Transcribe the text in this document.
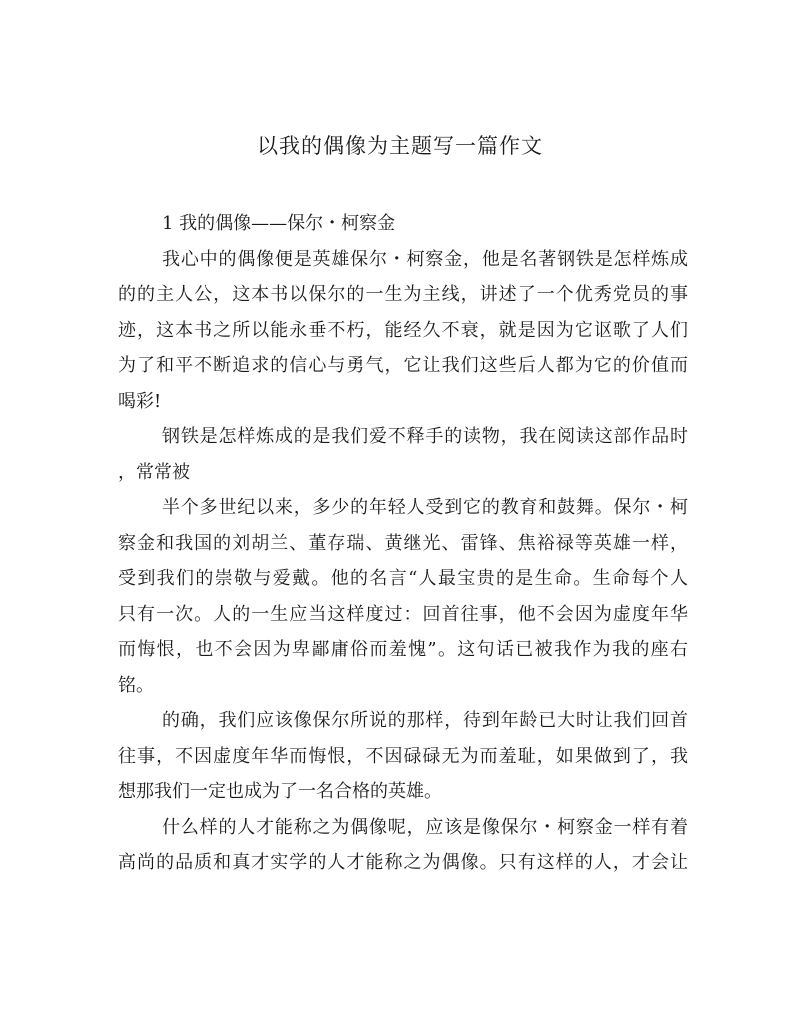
以我的偶像为主题写一篇作文
1 我的偶像——保尔・柯察金
我心中的偶像便是英雄保尔・柯察金，他是名著钢铁是怎样炼成
的的主人公，这本书以保尔的一生为主线，讲述了一个优秀党员的事
迹，这本书之所以能永垂不朽，能经久不衰，就是因为它讴歌了人们
为了和平不断追求的信心与勇气，它让我们这些后人都为它的价值而
喝彩!
钢铁是怎样炼成的是我们爱不释手的读物，我在阅读这部作品时
，常常被
半个多世纪以来，多少的年轻人受到它的教育和鼓舞。保尔・柯
察金和我国的刘胡兰、董存瑞、黄继光、雷锋、焦裕禄等英雄一样，
受到我们的崇敬与爱戴。他的名言“人最宝贵的是生命。生命每个人
只有一次。人的一生应当这样度过：回首往事，他不会因为虚度年华
而悔恨，也不会因为卑鄙庸俗而羞愧”。这句话已被我作为我的座右
铭。
的确，我们应该像保尔所说的那样，待到年龄已大时让我们回首
往事，不因虚度年华而悔恨，不因碌碌无为而羞耻，如果做到了，我
想那我们一定也成为了一名合格的英雄。
什么样的人才能称之为偶像呢，应该是像保尔・柯察金一样有着
高尚的品质和真才实学的人才能称之为偶像。只有这样的人，才会让
